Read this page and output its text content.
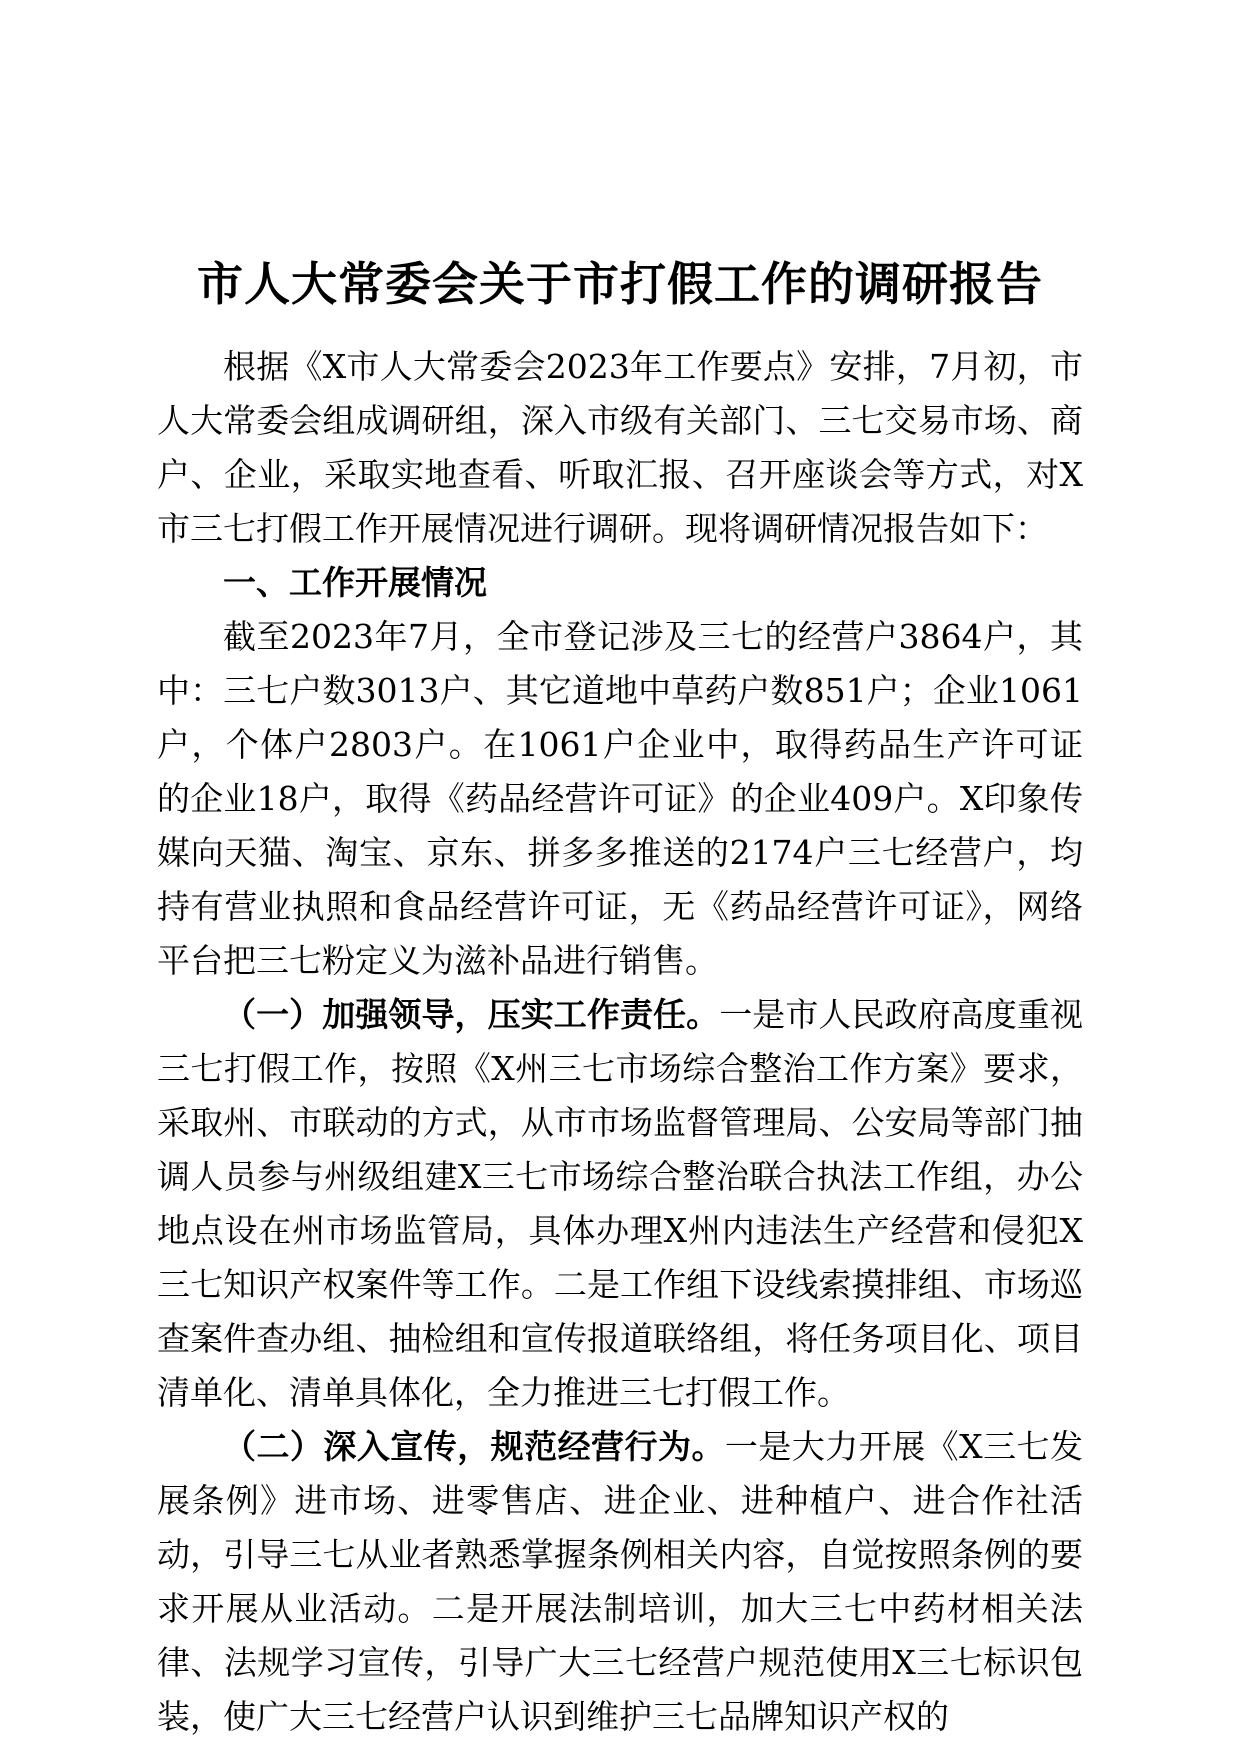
市人大常委会关于市打假工作的调研报告

根据《X市人大常委会2023年工作要点》安排，7月初，市人大常委会组成调研组，深入市级有关部门、三七交易市场、商户、企业，采取实地查看、听取汇报、召开座谈会等方式，对X市三七打假工作开展情况进行调研。现将调研情况报告如下：

一、工作开展情况

截至2023年7月，全市登记涉及三七的经营户3864户，其中：三七户数3013户、其它道地中草药户数851户；企业1061户，个体户2803户。在1061户企业中，取得药品生产许可证的企业18户，取得《药品经营许可证》的企业409户。X印象传媒向天猫、淘宝、京东、拼多多推送的2174户三七经营户，均持有营业执照和食品经营许可证，无《药品经营许可证》，网络平台把三七粉定义为滋补品进行销售。

（一）加强领导，压实工作责任。一是市人民政府高度重视三七打假工作，按照《X州三七市场综合整治工作方案》要求，采取州、市联动的方式，从市市场监督管理局、公安局等部门抽调人员参与州级组建X三七市场综合整治联合执法工作组，办公地点设在州市场监管局，具体办理X州内违法生产经营和侵犯X三七知识产权案件等工作。二是工作组下设线索摸排组、市场巡查案件查办组、抽检组和宣传报道联络组，将任务项目化、项目清单化、清单具体化，全力推进三七打假工作。

（二）深入宣传，规范经营行为。一是大力开展《X三七发展条例》进市场、进零售店、进企业、进种植户、进合作社活动，引导三七从业者熟悉掌握条例相关内容，自觉按照条例的要求开展从业活动。二是开展法制培训，加大三七中药材相关法律、法规学习宣传，引导广大三七经营户规范使用X三七标识包装，使广大三七经营户认识到维护三七品牌知识产权的
